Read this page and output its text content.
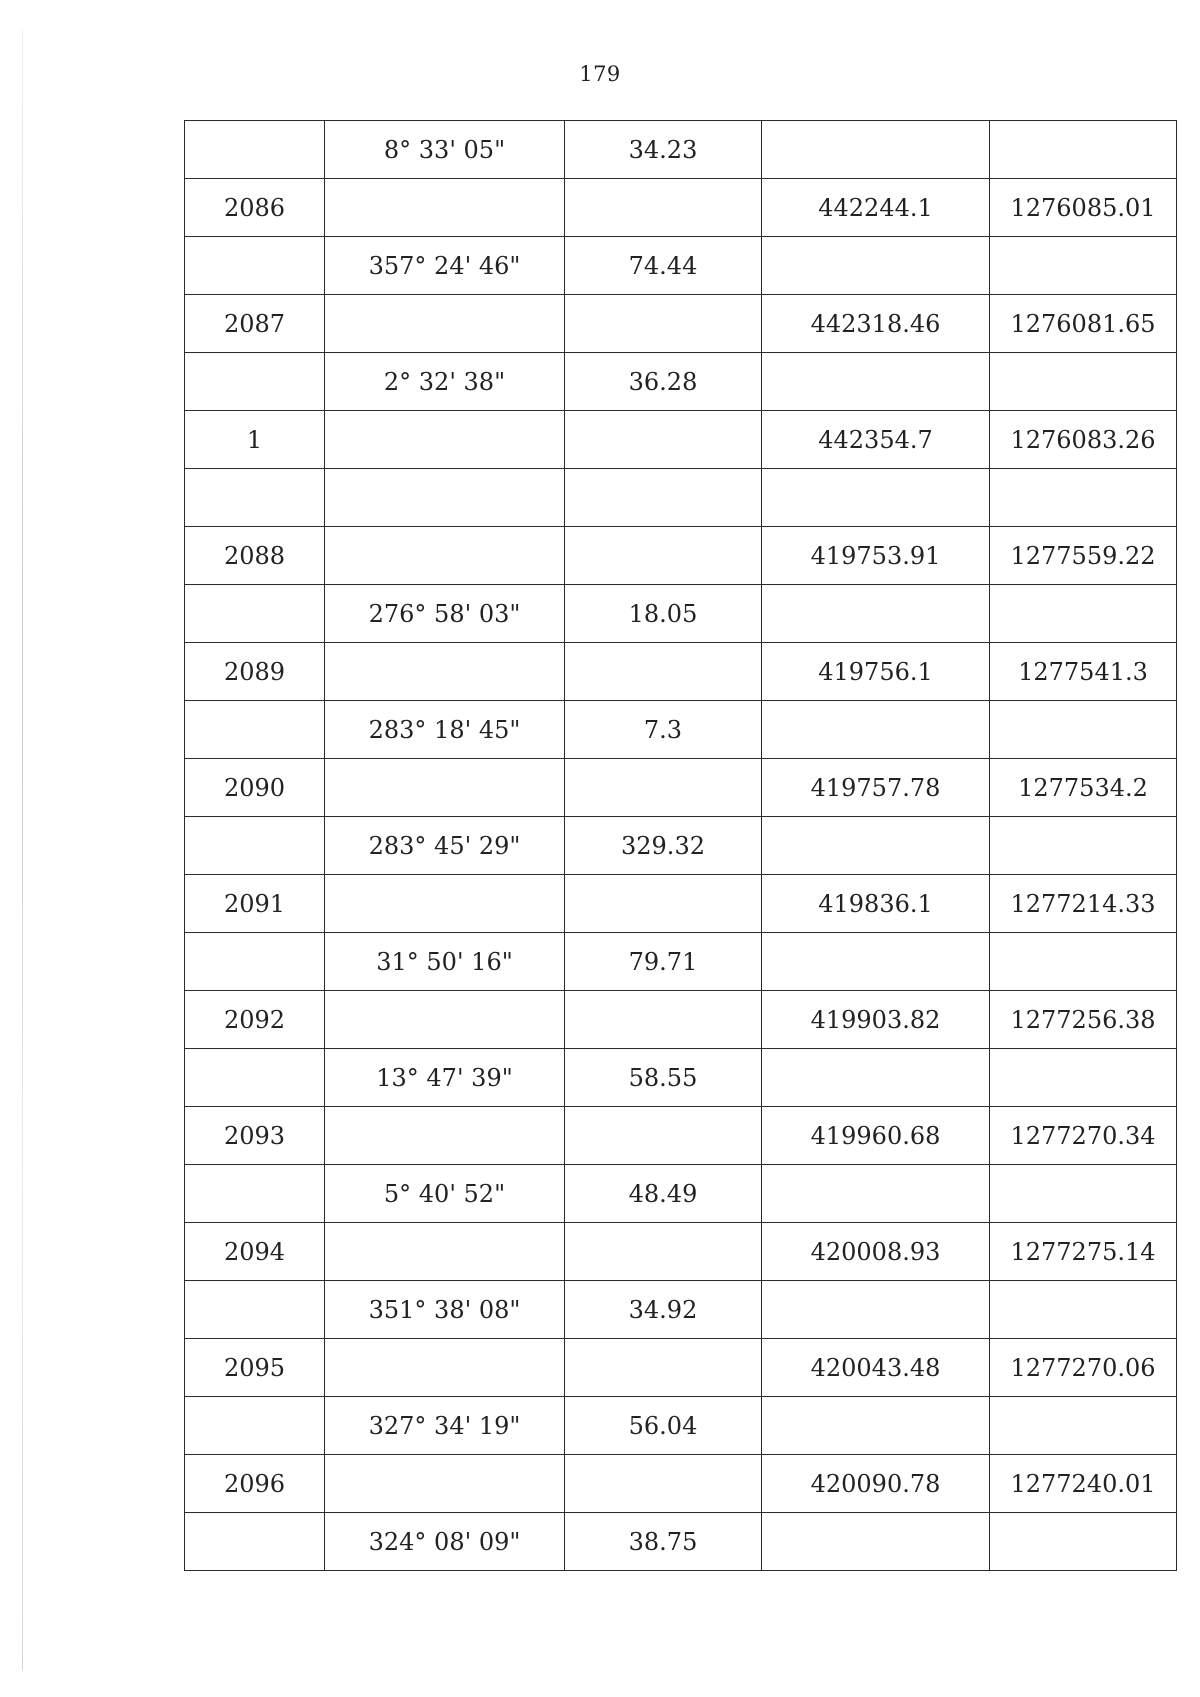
179
	8° 33' 05"	34.23		
2086			442244.1	1276085.01
	357° 24' 46"	74.44		
2087			442318.46	1276081.65
	2° 32' 38"	36.28		
1			442354.7	1276083.26

2088			419753.91	1277559.22
	276° 58' 03"	18.05		
2089			419756.1	1277541.3
	283° 18' 45"	7.3		
2090			419757.78	1277534.2
	283° 45' 29"	329.32		
2091			419836.1	1277214.33
	31° 50' 16"	79.71		
2092			419903.82	1277256.38
	13° 47' 39"	58.55		
2093			419960.68	1277270.34
	5° 40' 52"	48.49		
2094			420008.93	1277275.14
	351° 38' 08"	34.92		
2095			420043.48	1277270.06
	327° 34' 19"	56.04		
2096			420090.78	1277240.01
	324° 08' 09"	38.75		
